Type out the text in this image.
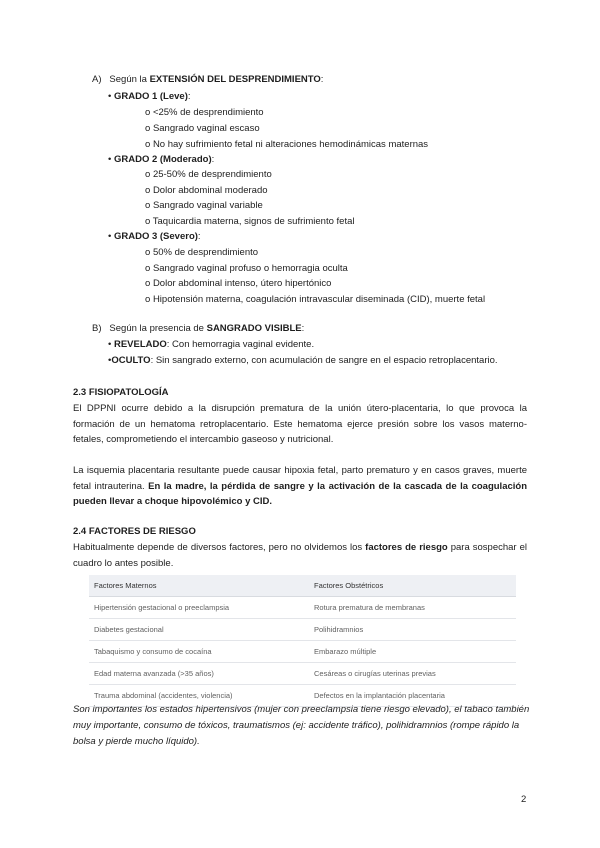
A) Según la EXTENSIÓN DEL DESPRENDIMIENTO:
• GRADO 1 (Leve):
o <25% de desprendimiento
o Sangrado vaginal escaso
o No hay sufrimiento fetal ni alteraciones hemodinámicas maternas
• GRADO 2 (Moderado):
o 25-50% de desprendimiento
o Dolor abdominal moderado
o Sangrado vaginal variable
o Taquicardia materna, signos de sufrimiento fetal
• GRADO 3 (Severo):
o 50% de desprendimiento
o Sangrado vaginal profuso o hemorragia oculta
o Dolor abdominal intenso, útero hipertónico
o Hipotensión materna, coagulación intravascular diseminada (CID), muerte fetal
B) Según la presencia de SANGRADO VISIBLE:
• REVELADO: Con hemorragia vaginal evidente.
•OCULTO: Sin sangrado externo, con acumulación de sangre en el espacio retroplacentario.
2.3 FISIOPATOLOGÍA
El DPPNI ocurre debido a la disrupción prematura de la unión útero-placentaria, lo que provoca la formación de un hematoma retroplacentario. Este hematoma ejerce presión sobre los vasos materno-fetales, comprometiendo el intercambio gaseoso y nutricional.
La isquemia placentaria resultante puede causar hipoxia fetal, parto prematuro y en casos graves, muerte fetal intrauterina. En la madre, la pérdida de sangre y la activación de la cascada de la coagulación pueden llevar a choque hipovolémico y CID.
2.4 FACTORES DE RIESGO
Habitualmente depende de diversos factores, pero no olvidemos los factores de riesgo para sospechar el cuadro lo antes posible.
Factores Maternos	Factores Obstétricos
Hipertensión gestacional o preeclampsia	Rotura prematura de membranas
Diabetes gestacional	Polihidramnios
Tabaquismo y consumo de cocaína	Embarazo múltiple
Edad materna avanzada (>35 años)	Cesáreas o cirugías uterinas previas
Trauma abdominal (accidentes, violencia)	Defectos en la implantación placentaria
Son importantes los estados hipertensivos (mujer con preeclampsia tiene riesgo elevado), el tabaco también muy importante, consumo de tóxicos, traumatismos (ej: accidente tráfico), polihidramnios (rompe rápido la bolsa y pierde mucho líquido).
2
